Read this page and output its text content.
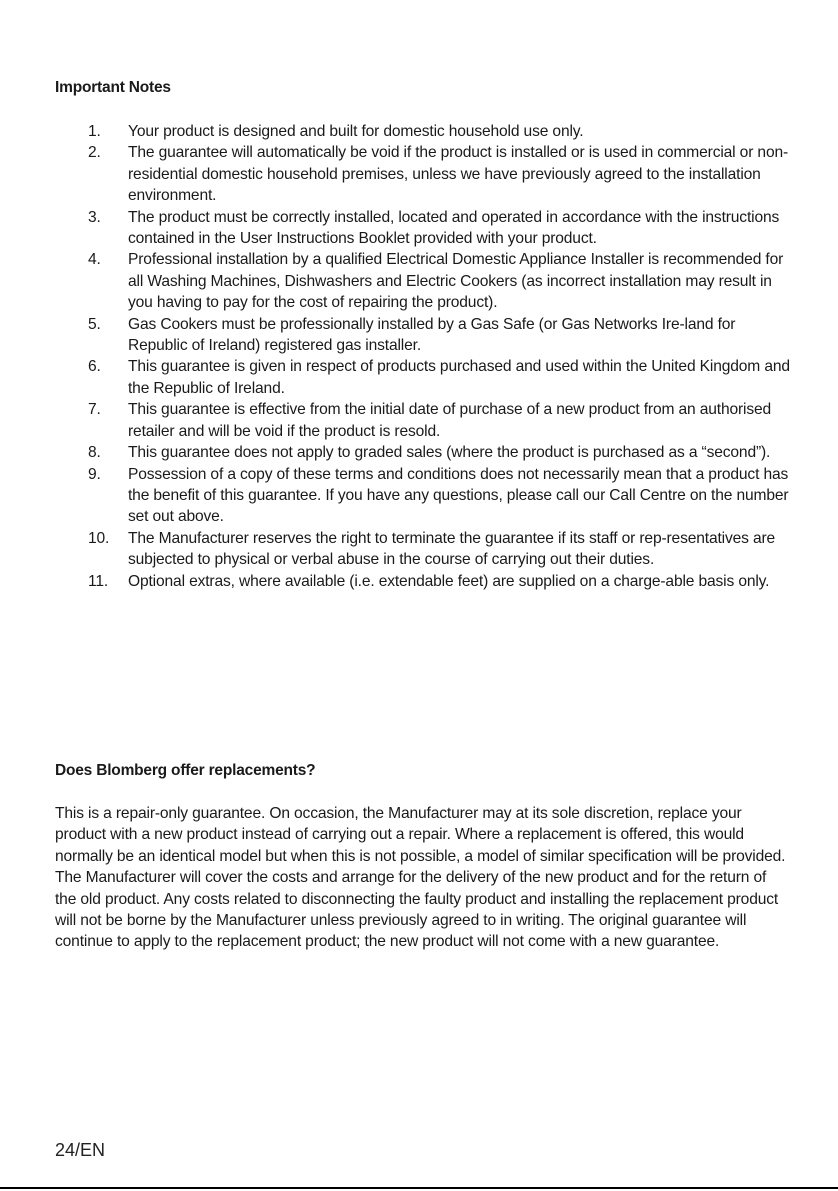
Important Notes
1.	Your product is designed and built for domestic household use only.
2.	The guarantee will automatically be void if the product is installed or is used in commercial or non-residential domestic household premises, unless we have previously agreed to the installation environment.
3.	The product must be correctly installed, located and operated in accordance with the instructions contained in the User Instructions Booklet provided with your product.
4.	Professional installation by a qualified Electrical Domestic Appliance Installer is recommended for all Washing Machines, Dishwashers and Electric Cookers (as incorrect installation may result in you having to pay for the cost of repairing the product).
5.	Gas Cookers must be professionally installed by a Gas Safe (or Gas Networks Ire-land for Republic of Ireland) registered gas installer.
6.	This guarantee is given in respect of products purchased and used within the United Kingdom and the Republic of Ireland.
7.	This guarantee is effective from the initial date of purchase of a new product from an authorised retailer and will be void if the product is resold.
8.	This guarantee does not apply to graded sales (where the product is purchased as a “second”).
9.	Possession of a copy of these terms and conditions does not necessarily mean that a product has the benefit of this guarantee. If you have any questions, please call our Call Centre on the number set out above.
10.	The Manufacturer reserves the right to terminate the guarantee if its staff or rep-resentatives are subjected to physical or verbal abuse in the course of carrying out their duties.
11.	Optional extras, where available (i.e. extendable feet) are supplied on a charge-able basis only.
Does Blomberg offer replacements?

This is a repair-only guarantee. On occasion, the Manufacturer may at its sole discretion, replace your product with a new product instead of carrying out a repair. Where a replacement is offered, this would normally be an identical model but when this is not possible, a model of similar specification will be provided. The Manufacturer will cover the costs and arrange for the delivery of the new product and for the return of the old product. Any costs related to disconnecting the faulty product and installing the replacement product will not be borne by the Manufacturer unless previously agreed to in writing. The original guarantee will continue to apply to the replacement product; the new product will not come with a new guarantee.

24/EN
